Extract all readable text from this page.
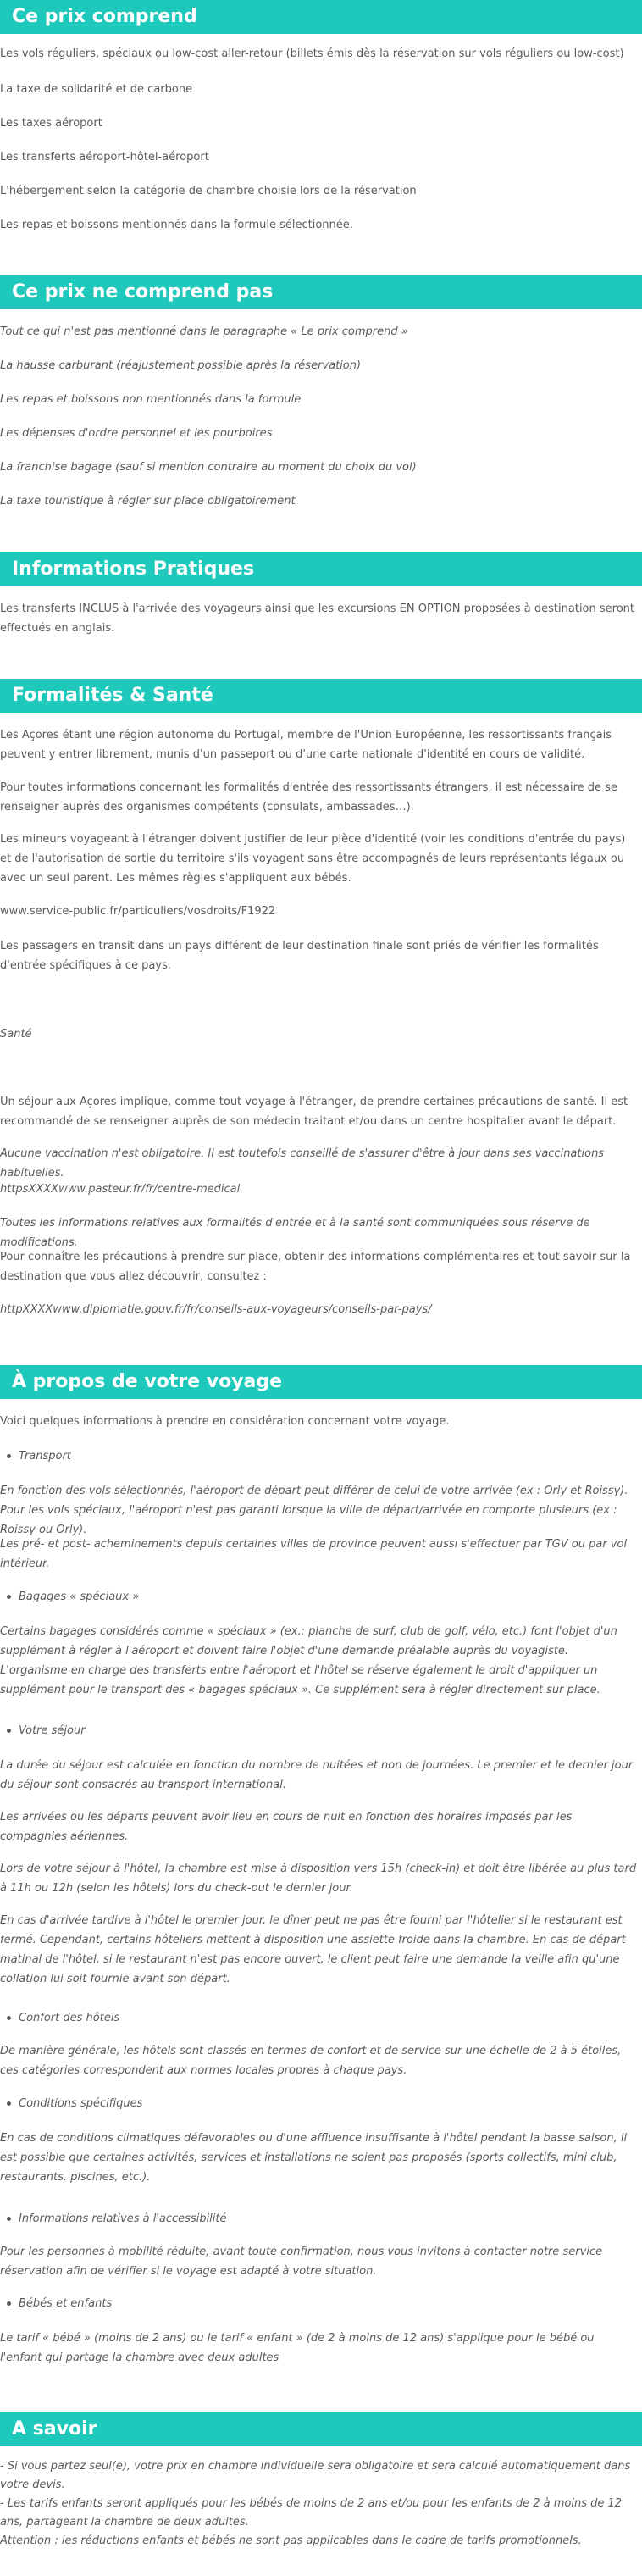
Ce prix comprend

Les vols réguliers, spéciaux ou low-cost aller-retour (billets émis dès la réservation sur vols réguliers ou low-cost)

La taxe de solidarité et de carbone

Les taxes aéroport

Les transferts aéroport-hôtel-aéroport

L'hébergement selon la catégorie de chambre choisie lors de la réservation

Les repas et boissons mentionnés dans la formule sélectionnée.

Ce prix ne comprend pas

Tout ce qui n'est pas mentionné dans le paragraphe « Le prix comprend »

La hausse carburant (réajustement possible après la réservation)

Les repas et boissons non mentionnés dans la formule

Les dépenses d'ordre personnel et les pourboires

La franchise bagage (sauf si mention contraire au moment du choix du vol)

La taxe touristique à régler sur place obligatoirement

Informations Pratiques

Les transferts INCLUS à l'arrivée des voyageurs ainsi que les excursions EN OPTION proposées à destination seront effectués en anglais.

Formalités & Santé

Les Açores étant une région autonome du Portugal, membre de l'Union Européenne, les ressortissants français peuvent y entrer librement, munis d'un passeport ou d'une carte nationale d'identité en cours de validité.

Pour toutes informations concernant les formalités d'entrée des ressortissants étrangers, il est nécessaire de se renseigner auprès des organismes compétents (consulats, ambassades…).

Les mineurs voyageant à l'étranger doivent justifier de leur pièce d'identité (voir les conditions d'entrée du pays) et de l'autorisation de sortie du territoire s'ils voyagent sans être accompagnés de leurs représentants légaux ou avec un seul parent. Les mêmes règles s'appliquent aux bébés.

www.service-public.fr/particuliers/vosdroits/F1922

Les passagers en transit dans un pays différent de leur destination finale sont priés de vérifier les formalités d'entrée spécifiques à ce pays.

Santé

Un séjour aux Açores implique, comme tout voyage à l'étranger, de prendre certaines précautions de santé. Il est recommandé de se renseigner auprès de son médecin traitant et/ou dans un centre hospitalier avant le départ.

Aucune vaccination n'est obligatoire. Il est toutefois conseillé de s'assurer d'être à jour dans ses vaccinations habituelles.

httpsXXXXwww.pasteur.fr/fr/centre-medical

Toutes les informations relatives aux formalités d'entrée et à la santé sont communiquées sous réserve de modifications.

Pour connaître les précautions à prendre sur place, obtenir des informations complémentaires et tout savoir sur la destination que vous allez découvrir, consultez :

httpXXXXwww.diplomatie.gouv.fr/fr/conseils-aux-voyageurs/conseils-par-pays/

À propos de votre voyage

Voici quelques informations à prendre en considération concernant votre voyage.

Transport

En fonction des vols sélectionnés, l'aéroport de départ peut différer de celui de votre arrivée (ex : Orly et Roissy). Pour les vols spéciaux, l'aéroport n'est pas garanti lorsque la ville de départ/arrivée en comporte plusieurs (ex : Roissy ou Orly).

Les pré- et post- acheminements depuis certaines villes de province peuvent aussi s'effectuer par TGV ou par vol intérieur.

Bagages « spéciaux »

Certains bagages considérés comme « spéciaux » (ex.: planche de surf, club de golf, vélo, etc.) font l'objet d'un supplément à régler à l'aéroport et doivent faire l'objet d'une demande préalable auprès du voyagiste. L'organisme en charge des transferts entre l'aéroport et l'hôtel se réserve également le droit d'appliquer un supplément pour le transport des « bagages spéciaux ». Ce supplément sera à régler directement sur place.

Votre séjour

La durée du séjour est calculée en fonction du nombre de nuitées et non de journées. Le premier et le dernier jour du séjour sont consacrés au transport international.

Les arrivées ou les départs peuvent avoir lieu en cours de nuit en fonction des horaires imposés par les compagnies aériennes.

Lors de votre séjour à l'hôtel, la chambre est mise à disposition vers 15h (check-in) et doit être libérée au plus tard à 11h ou 12h (selon les hôtels) lors du check-out le dernier jour.

En cas d'arrivée tardive à l'hôtel le premier jour, le dîner peut ne pas être fourni par l'hôtelier si le restaurant est fermé. Cependant, certains hôteliers mettent à disposition une assiette froide dans la chambre. En cas de départ matinal de l'hôtel, si le restaurant n'est pas encore ouvert, le client peut faire une demande la veille afin qu'une collation lui soit fournie avant son départ.

Confort des hôtels

De manière générale, les hôtels sont classés en termes de confort et de service sur une échelle de 2 à 5 étoiles, ces catégories correspondent aux normes locales propres à chaque pays.

Conditions spécifiques

En cas de conditions climatiques défavorables ou d'une affluence insuffisante à l'hôtel pendant la basse saison, il est possible que certaines activités, services et installations ne soient pas proposés (sports collectifs, mini club, restaurants, piscines, etc.).

Informations relatives à l'accessibilité

Pour les personnes à mobilité réduite, avant toute confirmation, nous vous invitons à contacter notre service réservation afin de vérifier si le voyage est adapté à votre situation.

Bébés et enfants

Le tarif « bébé » (moins de 2 ans) ou le tarif « enfant » (de 2 à moins de 12 ans) s'applique pour le bébé ou l'enfant qui partage la chambre avec deux adultes

A savoir

- Si vous partez seul(e), votre prix en chambre individuelle sera obligatoire et sera calculé automatiquement dans votre devis.

- Les tarifs enfants seront appliqués pour les bébés de moins de 2 ans et/ou pour les enfants de 2 à moins de 12 ans, partageant la chambre de deux adultes.

Attention : les réductions enfants et bébés ne sont pas applicables dans le cadre de tarifs promotionnels.
